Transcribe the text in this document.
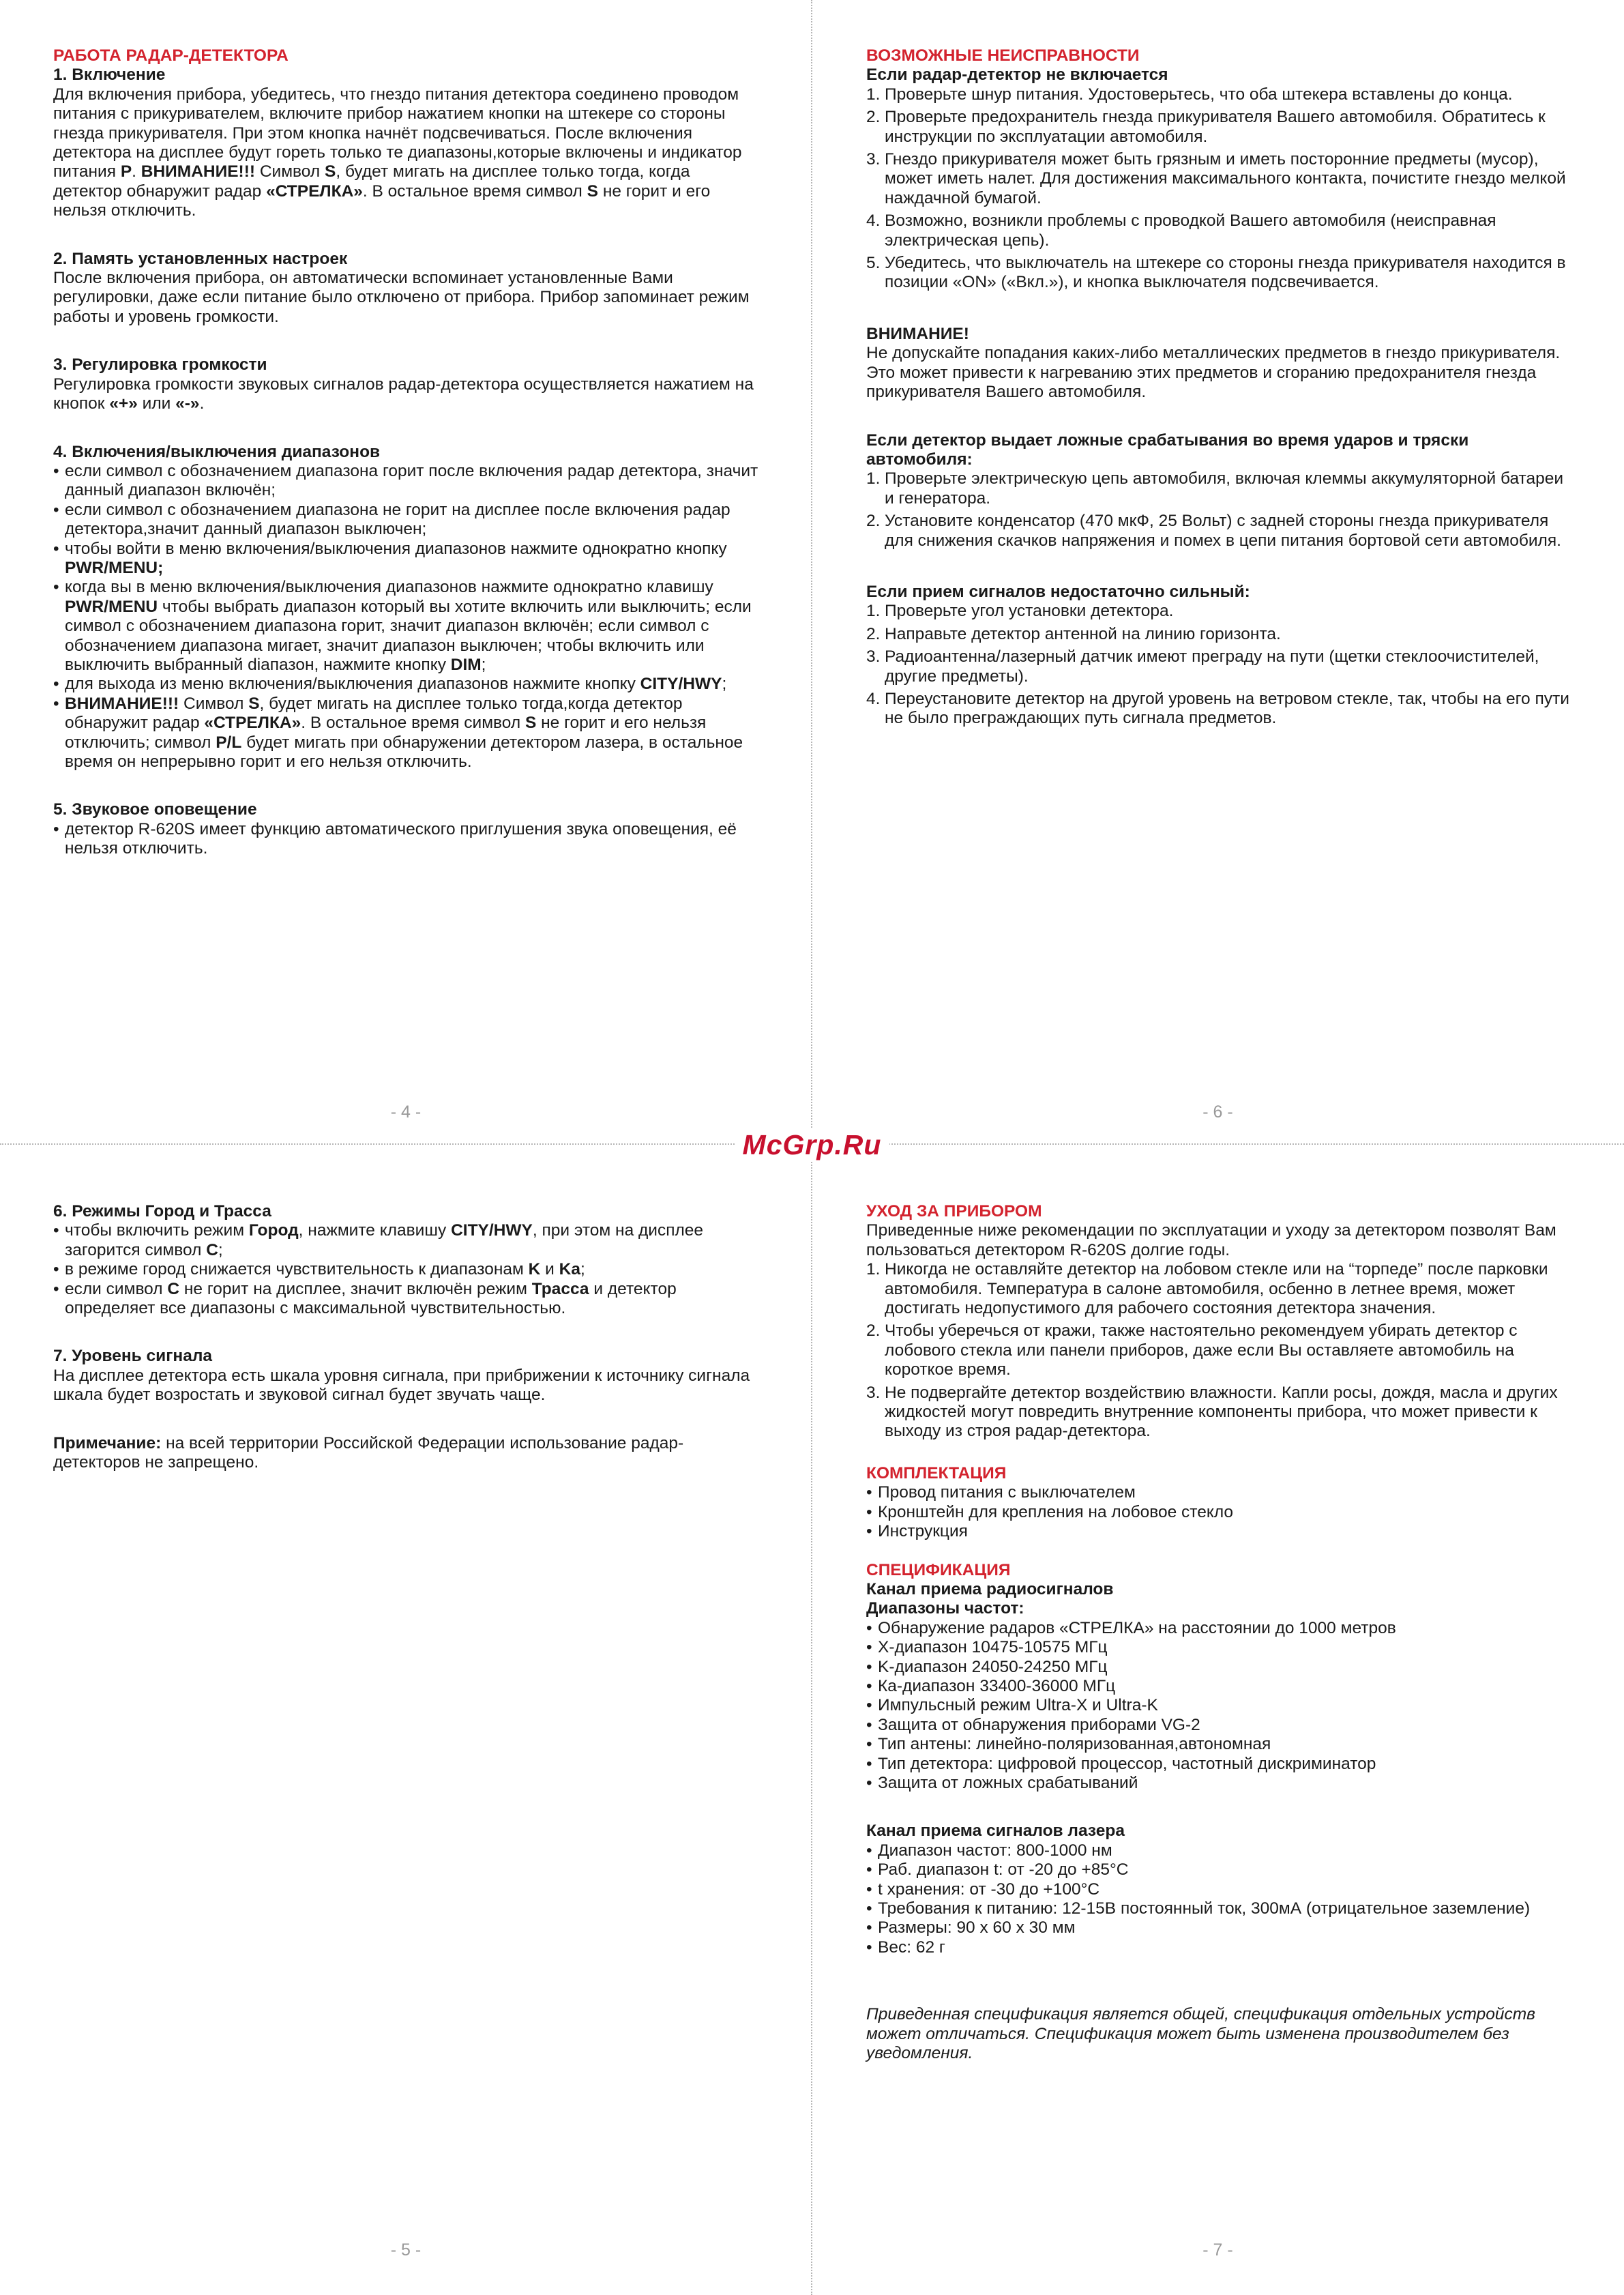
McGrp.Ru

РАБОТА РАДАР-ДЕТЕКТОРА

1. Включение

Для включения прибора, убедитесь, что гнездо питания детектора соединено проводом питания с прикуривателем, включите прибор нажатием кнопки на штекере со стороны гнезда прикуривателя. При этом кнопка начнёт подсвечиваться. После включения детектора на дисплее будут гореть только те диапазоны,которые включены и индикатор питания P. ВНИМАНИЕ!!! Символ S, будет мигать на дисплее только тогда, когда детектор обнаружит радар «СТРЕЛКА». В остальное время символ S не горит и его нельзя отключить.

2. Память установленных настроек

После включения прибора, он автоматически вспоминает установленные Вами регулировки, даже если питание было отключено от прибора. Прибор запоминает режим работы и уровень громкости.

3. Регулировка громкости

Регулировка громкости звуковых сигналов радар-детектора осуществляется нажатием на кнопок «+» или «-».

4. Включения/выключения диапазонов

• если символ с обозначением диапазона горит после включения радар детектора, значит данный диапазон включён;
• если символ с обозначением диапазона не горит на дисплее после включения радар детектора,значит данный диапазон выключен;
• чтобы войти в меню включения/выключения диапазонов нажмите однократно кнопку PWR/MENU;
• когда вы в меню включения/выключения диапазонов нажмите однократно клавишу PWR/MENU чтобы выбрать диапазон который вы хотите включить или выключить; если символ с обозначением диапазона горит, значит диапазон включён; если символ с обозначением диапазона мигает, значит диапазон выключен; чтобы включить или выключить выбранный diапазон, нажмите кнопку DIM;
• для выхода из меню включения/выключения диапазонов нажмите кнопку CITY/HWY;
• ВНИМАНИЕ!!! Символ S, будет мигать на дисплее только тогда,когда детектор обнаружит радар «СТРЕЛКА». В остальное время символ S не горит и его нельзя отключить; символ P/L будет мигать при обнаружении детектором лазера, в остальное время он непрерывно горит и его нельзя отключить.

5. Звуковое оповещение

• детектор R-620S имеет функцию автоматического приглушения звука оповещения, её нельзя отключить.
- 4 -

ВОЗМОЖНЫЕ НЕИСПРАВНОСТИ

Если радар-детектор не включается

1. Проверьте шнур питания. Удостоверьтесь, что оба штекера вставлены до конца.
2. Проверьте предохранитель гнезда прикуривателя Вашего автомобиля. Обратитесь к инструкции по эксплуатации автомобиля.
3. Гнездо прикуривателя может быть грязным и иметь посторонние предметы (мусор), может иметь налет. Для достижения максимального контакта, почистите гнездо мелкой наждачной бумагой.
4. Возможно, возникли проблемы с проводкой Вашего автомобиля (неисправная электрическая цепь).
5. Убедитесь, что выключатель на штекере со стороны гнезда прикуривателя находится в позиции «ON» («Вкл.»), и кнопка выключателя подсвечивается.

ВНИМАНИЕ!

Не допускайте попадания каких-либо металлических предметов в гнездо прикуривателя. Это может привести к нагреванию этих предметов и сгоранию предохранителя гнезда прикуривателя Вашего автомобиля.

Если детектор выдает ложные срабатывания во время ударов и тряски автомобиля:

1. Проверьте электрическую цепь автомобиля, включая клеммы аккумуляторной батареи и генератора.
2. Установите конденсатор (470 мкФ, 25 Вольт) с задней стороны гнезда прикуривателя для снижения скачков напряжения и помех в цепи питания бортовой сети автомобиля.

Если прием сигналов недостаточно сильный:

1. Проверьте угол установки детектора.
2. Направьте детектор антенной на линию горизонта.
3. Радиоантенна/лазерный датчик имеют преграду на пути (щетки стеклоочистителей, другие предметы).
4. Переустановите детектор на другой уровень на ветровом стекле, так, чтобы на его пути не было преграждающих путь сигнала предметов.
- 6 -

6. Режимы Город и Трасса

• чтобы включить режим Город, нажмите клавишу CITY/HWY, при этом на дисплее загорится символ C;
• в режиме город снижается чувствительность к диапазонам K и Ka;
• если символ C не горит на дисплее, значит включён режим Трасса и детектор определяет все диапазоны с максимальной чувствительностью.

7. Уровень сигнала

На дисплее детектора есть шкала уровня сигнала, при прибрижении к источнику сигнала шкала будет возростать и звуковой сигнал будет звучать чаще.

Примечание: на всей территории Российской Федерации использование радар-детекторов не запрещено.

- 5 -

УХОД ЗА ПРИБОРОМ

Приведенные ниже рекомендации по эксплуатации и уходу за детектором позволят Вам пользоваться детектором R-620S долгие годы.

1. Никогда не оставляйте детектор на лобовом стекле или на “торпеде” после парковки автомобиля. Температура в салоне автомобиля, осбенно в летнее время, может достигать недопустимого для рабочего состояния детектора значения.
2. Чтобы уберечься от кражи, также настоятельно рекомендуем убирать детектор с лобового стекла или панели приборов, даже если Вы оставляете автомобиль на короткое время.
3. Не подвергайте детектор воздействию влажности. Капли росы, дождя, масла и других жидкостей могут повредить внутренние компоненты прибора, что может привести к выходу из строя радар-детектора.

КОМПЛЕКТАЦИЯ

• Провод питания с выключателем
• Кронштейн для крепления на лобовое стекло
• Инструкция

СПЕЦИФИКАЦИЯ

Канал приема радиосигналов

Диапазоны частот:

• Обнаружение радаров «СТРЕЛКА» на расстоянии до 1000 метров
• X-диапазон 10475-10575 МГц
• K-диапазон 24050-24250 МГц
• Ка-диапазон 33400-36000 МГц
• Импульсный режим Ultra-X и Ultra-K
• Защита от обнаружения приборами VG-2
• Тип антены: линейно-поляризованная,автономная
• Тип детектора: цифровой процессор, частотный дискриминатор
• Защита от ложных срабатываний

Канал приема сигналов лазера

• Диапазон частот: 800-1000 нм
• Раб. диапазон t: от -20 до +85°C
• t хранения: от -30 до +100°C
• Требования к питанию: 12-15В постоянный ток, 300мА (отрицательное заземление)
• Размеры: 90 x 60 x 30 мм
• Вес: 62 г

Приведенная спецификация является общей, спецификация отдельных устройств может отличаться. Спецификация может быть изменена производителем без уведомления.

- 7 -
